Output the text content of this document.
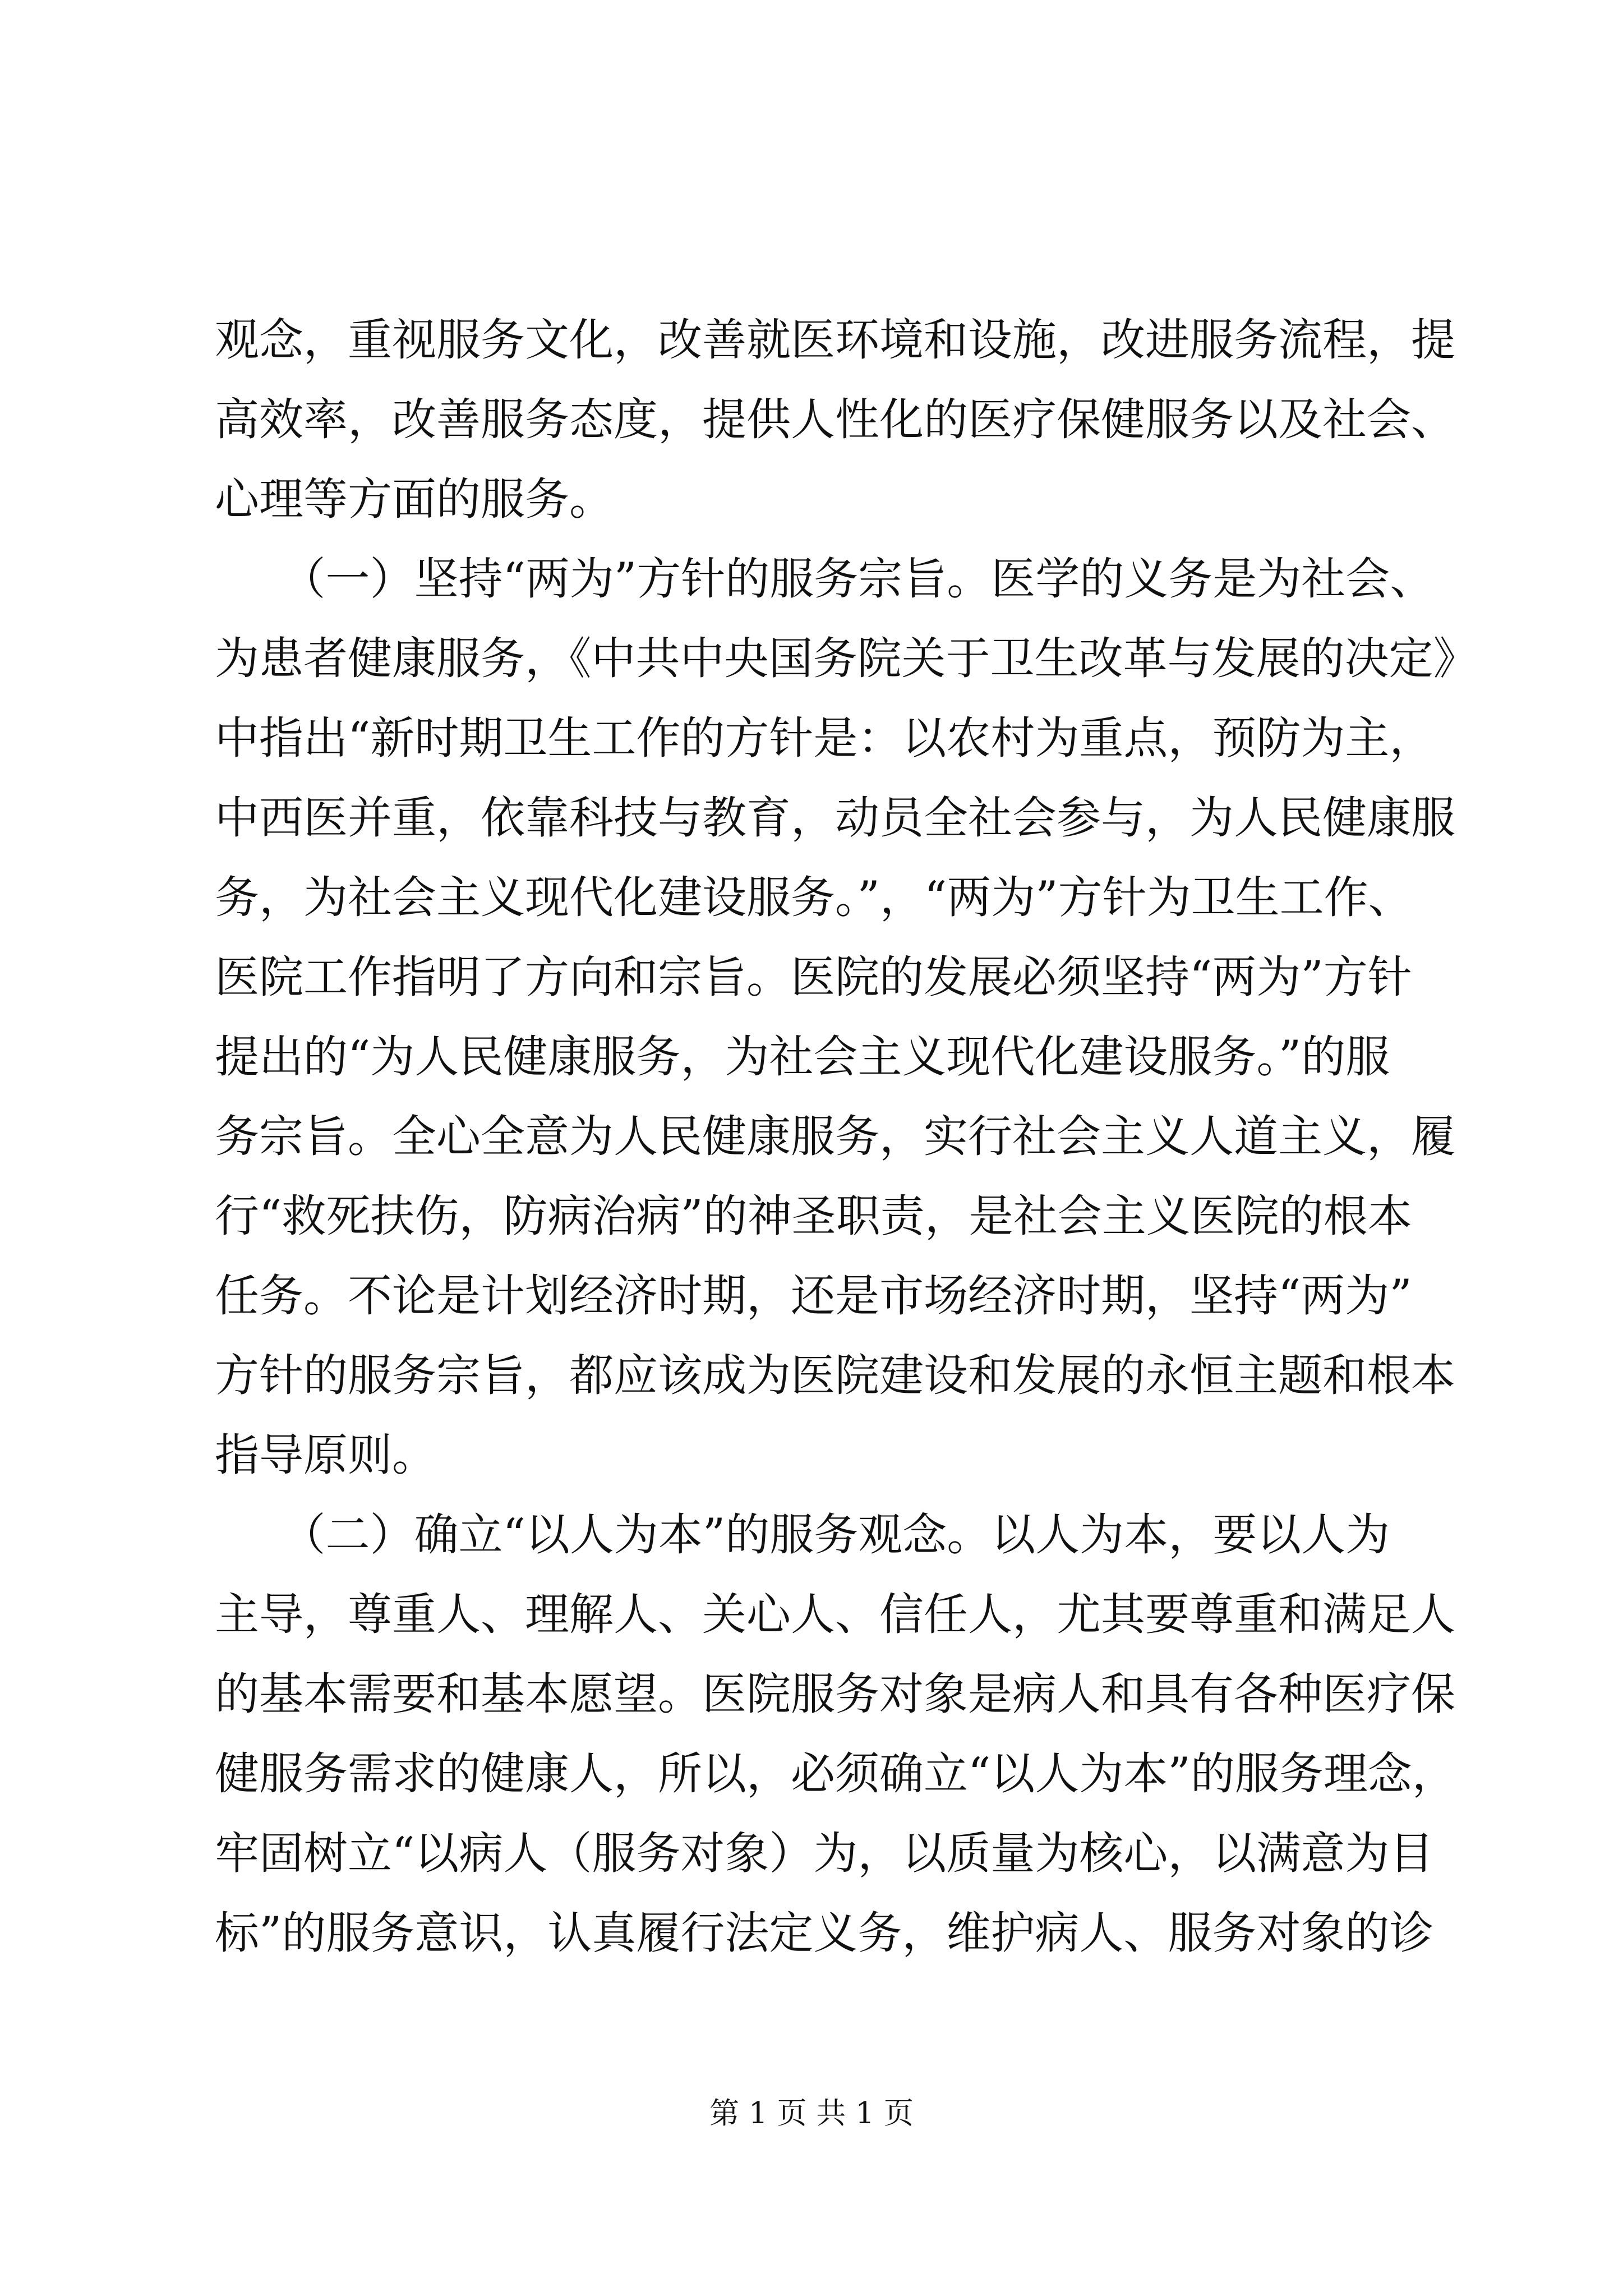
观念，重视服务文化，改善就医环境和设施，改进服务流程，提
高效率，改善服务态度，提供人性化的医疗保健服务以及社会、
心理等方面的服务。
　　（一）坚持“两为”方针的服务宗旨。医学的义务是为社会、
为患者健康服务，《中共中央国务院关于卫生改革与发展的决定》
中指出“新时期卫生工作的方针是：以农村为重点，预防为主，
中西医并重，依靠科技与教育，动员全社会参与，为人民健康服
务，为社会主义现代化建设服务。”，“两为”方针为卫生工作、
医院工作指明了方向和宗旨。医院的发展必须坚持“两为”方针
提出的“为人民健康服务，为社会主义现代化建设服务。”的服
务宗旨。全心全意为人民健康服务，实行社会主义人道主义，履
行“救死扶伤，防病治病”的神圣职责，是社会主义医院的根本
任务。不论是计划经济时期，还是市场经济时期，坚持“两为”
方针的服务宗旨，都应该成为医院建设和发展的永恒主题和根本
指导原则。
　　（二）确立“以人为本”的服务观念。以人为本，要以人为
主导，尊重人、理解人、关心人、信任人，尤其要尊重和满足人
的基本需要和基本愿望。医院服务对象是病人和具有各种医疗保
健服务需求的健康人，所以，必须确立“以人为本”的服务理念，
牢固树立“以病人（服务对象）为，以质量为核心，以满意为目
标”的服务意识，认真履行法定义务，维护病人、服务对象的诊
第 1 页 共 1 页
